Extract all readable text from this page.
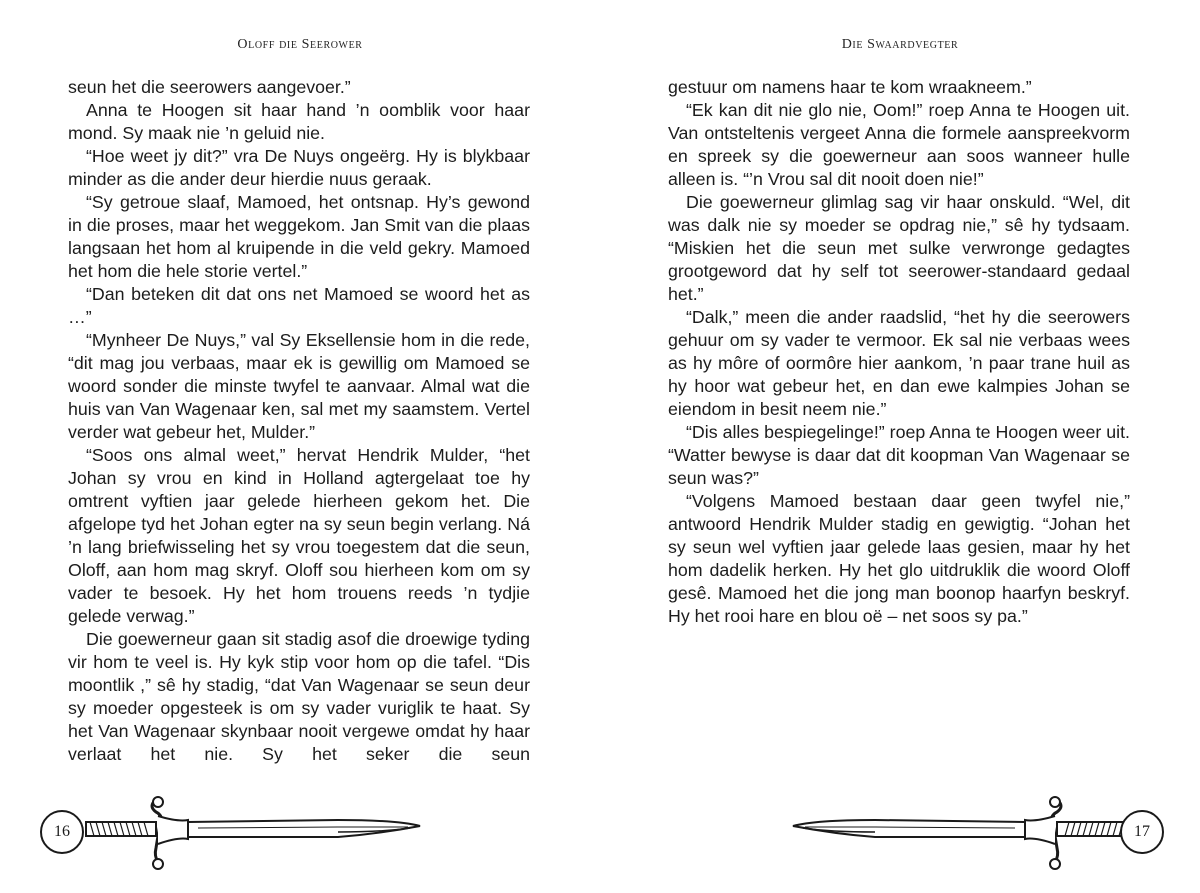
Oloff die Seerower

seun het die seerowers aangevoer.”

Anna te Hoogen sit haar hand ’n oomblik voor haar mond. Sy maak nie ’n geluid nie.

“Hoe weet jy dit?” vra De Nuys ongeërg. Hy is blykbaar minder as die ander deur hierdie nuus geraak.

“Sy getroue slaaf, Mamoed, het ontsnap. Hy’s gewond in die proses, maar het weggekom. Jan Smit van die plaas langsaan het hom al kruipende in die veld gekry. Mamoed het hom die hele storie vertel.”

“Dan beteken dit dat ons net Mamoed se woord het as …”

“Mynheer De Nuys,” val Sy Eksellensie hom in die rede, “dit mag jou verbaas, maar ek is gewillig om Mamoed se woord sonder die minste twyfel te aanvaar. Almal wat die huis van Van Wagenaar ken, sal met my saamstem. Vertel verder wat gebeur het, Mulder.”

“Soos ons almal weet,” hervat Hendrik Mulder, “het Johan sy vrou en kind in Holland agtergelaat toe hy omtrent vyftien jaar gelede hierheen gekom het. Die afgelope tyd het Johan egter na sy seun begin verlang. Ná ’n lang briefwisseling het sy vrou toegestem dat die seun, Oloff, aan hom mag skryf. Oloff sou hierheen kom om sy vader te besoek. Hy het hom trouens reeds ’n tydjie gelede verwag.”

Die goewerneur gaan sit stadig asof die droewige tyding vir hom te veel is. Hy kyk stip voor hom op die tafel. “Dis moontlik ,” sê hy stadig, “dat Van Wagenaar se seun deur sy moeder opgesteek is om sy vader vuriglik te haat. Sy het Van Wagenaar skynbaar nooit vergewe omdat hy haar verlaat het nie. Sy het seker die seun

16
Die Swaardvegter

gestuur om namens haar te kom wraakneem.”

“Ek kan dit nie glo nie, Oom!” roep Anna te Hoogen uit. Van ontsteltenis vergeet Anna die formele aanspreekvorm en spreek sy die goewerneur aan soos wanneer hulle alleen is. “’n Vrou sal dit nooit doen nie!”

Die goewerneur glimlag sag vir haar onskuld. “Wel, dit was dalk nie sy moeder se opdrag nie,” sê hy tydsaam. “Miskien het die seun met sulke verwronge gedagtes grootgeword dat hy self tot seerower-standaard gedaal het.”

“Dalk,” meen die ander raadslid, “het hy die seerowers gehuur om sy vader te vermoor. Ek sal nie verbaas wees as hy môre of oormôre hier aankom, ’n paar trane huil as hy hoor wat gebeur het, en dan ewe kalmpies Johan se eiendom in besit neem nie.”

“Dis alles bespiegelinge!” roep Anna te Hoogen weer uit. “Watter bewyse is daar dat dit koopman Van Wagenaar se seun was?”

“Volgens Mamoed bestaan daar geen twyfel nie,” antwoord Hendrik Mulder stadig en gewigtig. “Johan het sy seun wel vyftien jaar gelede laas gesien, maar hy het hom dadelik herken. Hy het glo uitdruklik die woord Oloff gesê. Mamoed het die jong man boonop haarfyn beskryf. Hy het rooi hare en blou oë – net soos sy pa.”

17
